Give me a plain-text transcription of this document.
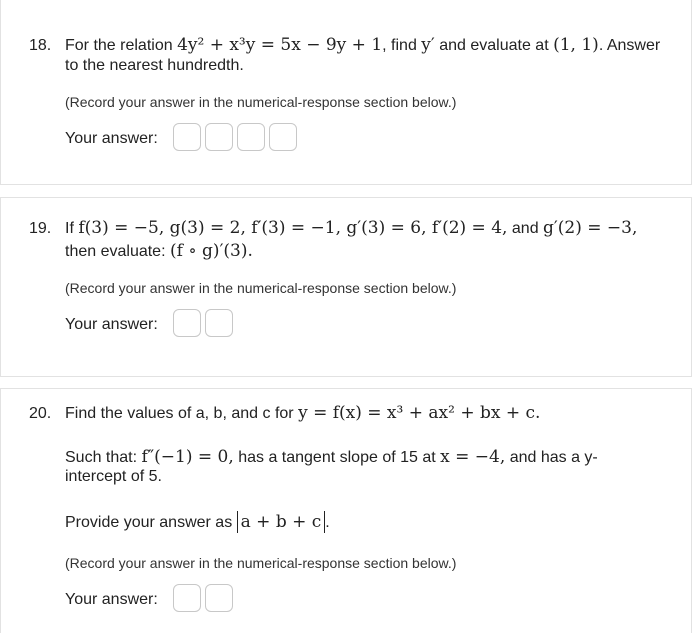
18. For the relation 4y² + x³y = 5x − 9y + 1, find y′ and evaluate at (1, 1). Answer
to the nearest hundredth.
(Record your answer in the numerical-response section below.)
Your answer:
19. If f(3) = −5, g(3) = 2, f′(3) = −1, g′(3) = 6, f′(2) = 4, and g′(2) = −3,
then evaluate: (f ∘ g)′(3).
(Record your answer in the numerical-response section below.)
Your answer:
20. Find the values of a, b, and c for y = f(x) = x³ + ax² + bx + c.
Such that: f″(−1) = 0, has a tangent slope of 15 at x = −4, and has a y-
intercept of 5.
Provide your answer as a + b + c .
(Record your answer in the numerical-response section below.)
Your answer:
